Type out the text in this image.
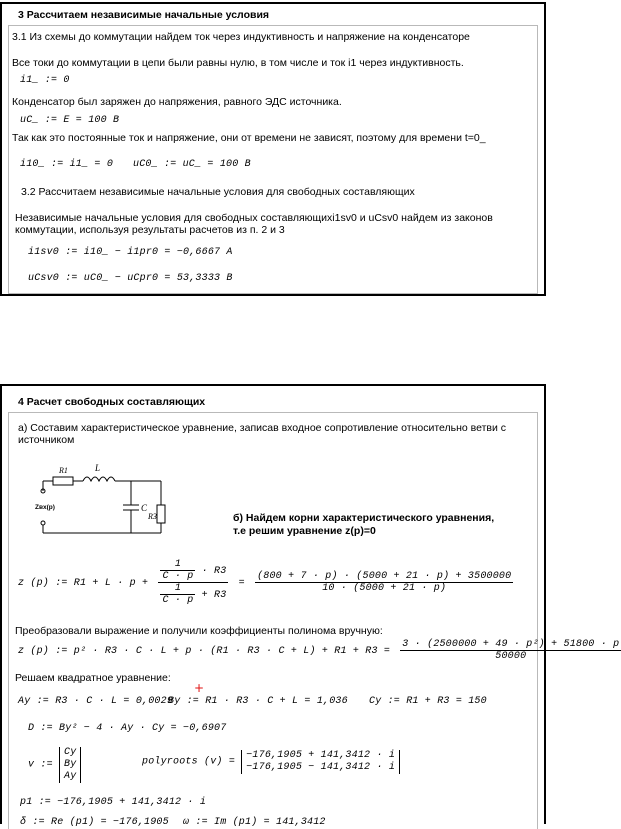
3 Рассчитаем независимые начальные условия
3.1 Из схемы до коммутации найдем ток через индуктивность и напряжение на конденсаторе
Все токи до коммутации в цепи были равны нулю, в том числе и ток i1 через индуктивность.
i1_ := 0
Конденсатор был заряжен до напряжения, равного ЭДС источника.
uC_ := E = 100 B
Так как это постоянные ток и напряжение, они от времени не зависят, поэтому для времени t=0_
i10_ := i1_ = 0 uC0_ := uC_ = 100 B
3.2 Рассчитаем независимые начальные условия для свободных составляющих
Независимые начальные условия для свободных составляющихi1sv0 и uCsv0 найдем из законов коммутации, используя результаты расчетов из п. 2 и 3
i1sv0 := i10_ − i1pr0 = −0,6667 A
uCsv0 := uC0_ − uCpr0 = 53,3333 B
4 Расчет свободных составляющих
а) Составим характеристическое уравнение, записав входное сопротивление относительно ветви с источником
R1	L
C
R3
Zвх(p)
б) Найдем корни характеристического уравнения, т.е решим уравнение z(p)=0
z (p) := $R1 + L \cdot p + \frac{\frac{1}{C \cdot p} \cdot R3}{\frac{1}{C \cdot p} + R3} = \frac{(800 + 7 \cdot p) \cdot (5000 + 21 \cdot p) + 3500000}{10 \cdot (5000 + 21 \cdot p)}$
Преобразовали выражение и получили коэффициенты полинома вручную:
z (p) := $p^2 \cdot R3 \cdot C \cdot L + p \cdot (R1 \cdot R3 \cdot C + L) + R1 + R3 = \frac{\text{3 · (2500000 + 49 · p²) + 51800 · p}}{50000}$
Решаем квадратное уравнение:
+
Ay := R3 · C · L = 0,0029
By := R1 · R3 · C + L = 1,036 Cy := R1 + R3 = 150
D := By² − 4 · Ay · Cy = −0,6907
v :=
Cy
By
Ay
polyroots (v) =
−176,1905 + 141,3412 · i
−176,1905 − 141,3412 · i
p1 := −176,1905 + 141,3412 · i
δ := Re (p1) = −176,1905 ω := Im (p1) = 141,3412
